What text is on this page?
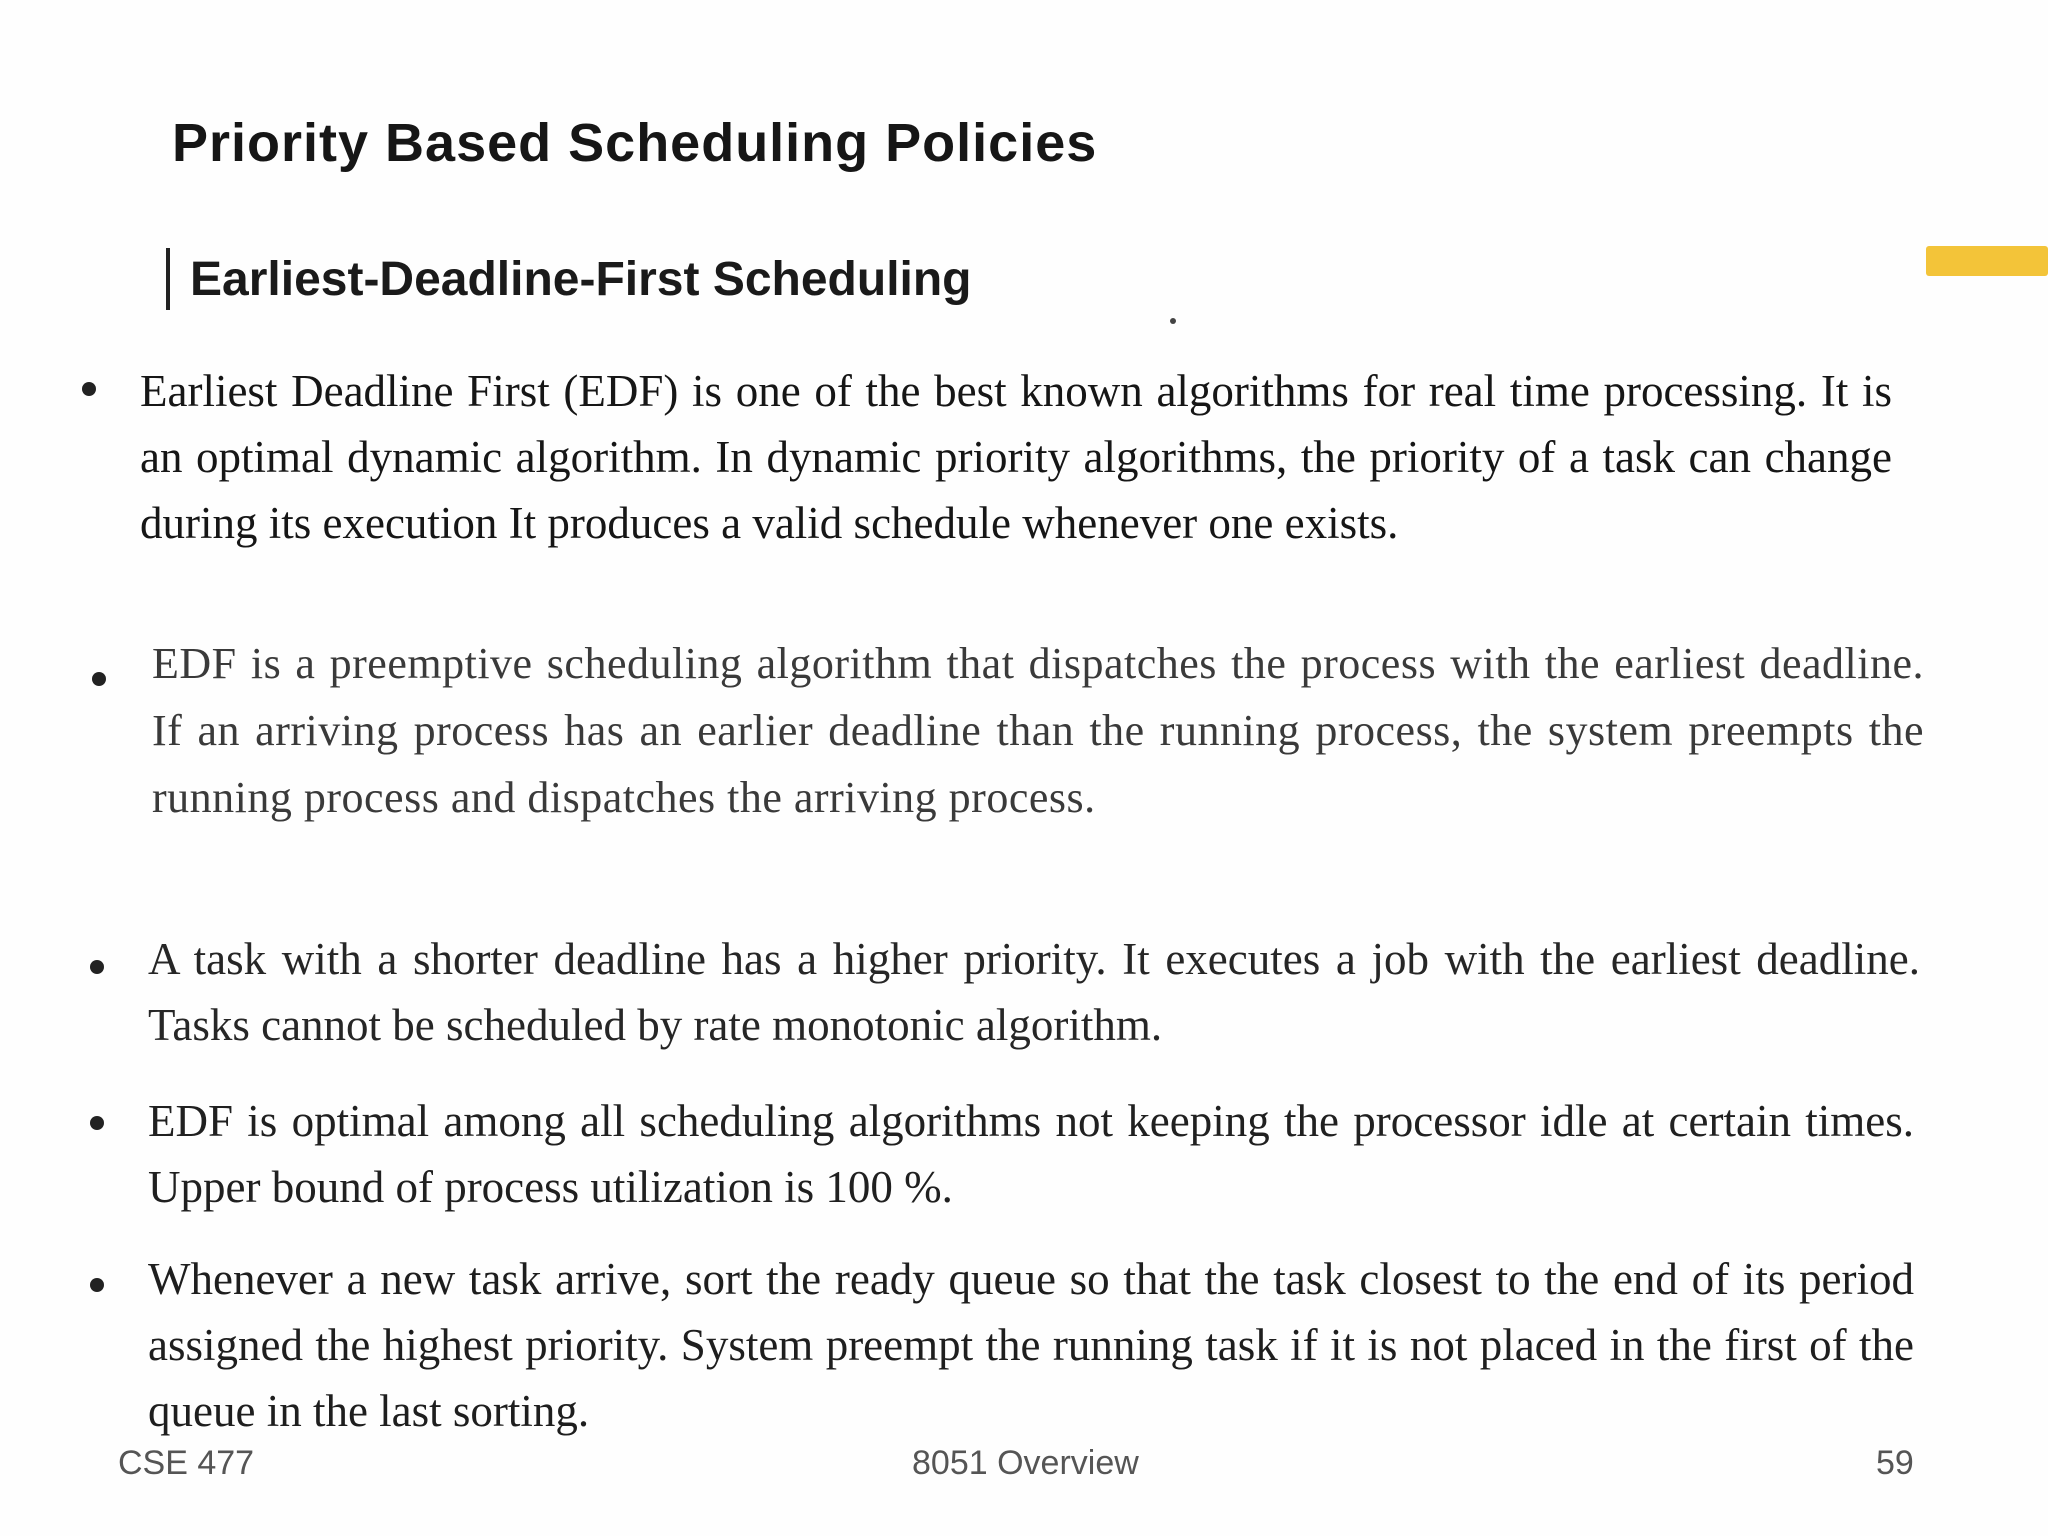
Priority Based Scheduling Policies
Earliest-Deadline-First Scheduling
Earliest Deadline First (EDF) is one of the best known algorithms for real time processing. It is an optimal dynamic algorithm. In dynamic priority algorithms, the priority of a task can change during its execution It produces a valid schedule whenever one exists.
EDF is a preemptive scheduling algorithm that dispatches the process with the earliest deadline. If an arriving process has an earlier deadline than the running process, the system preempts the running process and dispatches the arriving process.
A task with a shorter deadline has a higher priority. It executes a job with the earliest deadline. Tasks cannot be scheduled by rate monotonic algorithm.
EDF is optimal among all scheduling algorithms not keeping the processor idle at certain times. Upper bound of process utilization is 100 %.
Whenever a new task arrive, sort the ready queue so that the task closest to the end of its period assigned the highest priority. System preempt the running task if it is not placed in the first of the queue in the last sorting.
CSE 477	8051 Overview	59
